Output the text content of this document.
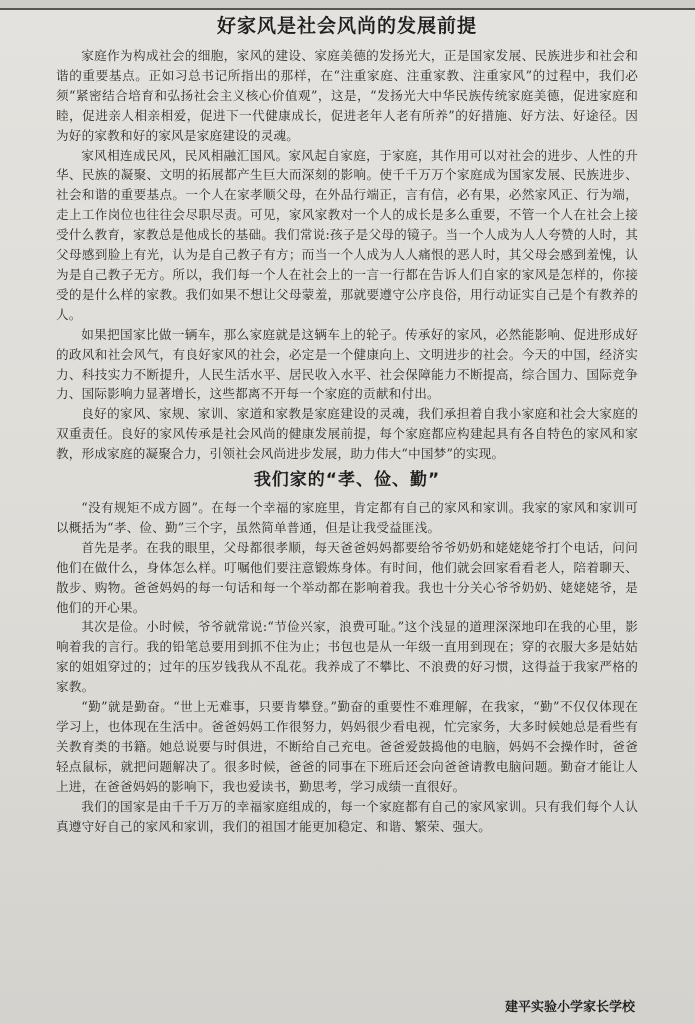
好家风是社会风尚的发展前提

家庭作为构成社会的细胞，家风的建设、家庭美德的发扬光大，正是国家发展、民族进步和社会和谐的重要基点。正如习总书记所指出的那样，在“注重家庭、注重家教、注重家风”的过程中，我们必须“紧密结合培育和弘扬社会主义核心价值观”，这是，“发扬光大中华民族传统家庭美德，促进家庭和睦，促进亲人相亲相爱，促进下一代健康成长，促进老年人老有所养”的好措施、好方法、好途径。因为好的家教和好的家风是家庭建设的灵魂。

家风相连成民风，民风相融汇国风。家风起自家庭，于家庭，其作用可以对社会的进步、人性的升华、民族的凝聚、文明的拓展都产生巨大而深刻的影响。使千千万万个家庭成为国家发展、民族进步、社会和谐的重要基点。一个人在家孝顺父母，在外品行端正，言有信，必有果，必然家风正、行为端，走上工作岗位也往往会尽职尽责。可见，家风家教对一个人的成长是多么重要，不管一个人在社会上接受什么教育，家教总是他成长的基础。我们常说:孩子是父母的镜子。当一个人成为人人夸赞的人时，其父母感到脸上有光，认为是自己教子有方；而当一个人成为人人痛恨的恶人时，其父母会感到羞愧，认为是自己教子无方。所以，我们每一个人在社会上的一言一行都在告诉人们自家的家风是怎样的，你接受的是什么样的家教。我们如果不想让父母蒙羞，那就要遵守公序良俗，用行动证实自己是个有教养的人。

如果把国家比做一辆车，那么家庭就是这辆车上的轮子。传承好的家风，必然能影响、促进形成好的政风和社会风气，有良好家风的社会，必定是一个健康向上、文明进步的社会。今天的中国，经济实力、科技实力不断提升，人民生活水平、居民收入水平、社会保障能力不断提高，综合国力、国际竞争力、国际影响力显著增长，这些都离不开每一个家庭的贡献和付出。

良好的家风、家规、家训、家道和家教是家庭建设的灵魂，我们承担着自我小家庭和社会大家庭的双重责任。良好的家风传承是社会风尚的健康发展前提，每个家庭都应构建起具有各自特色的家风和家教，形成家庭的凝聚合力，引领社会风尚进步发展，助力伟大“中国梦”的实现。

我们家的“孝、俭、勤”

“没有规矩不成方圆”。在每一个幸福的家庭里，肯定都有自己的家风和家训。我家的家风和家训可以概括为“孝、俭、勤”三个字，虽然简单普通，但是让我受益匪浅。

首先是孝。在我的眼里，父母都很孝顺，每天爸爸妈妈都要给爷爷奶奶和姥姥姥爷打个电话，问问他们在做什么，身体怎么样。叮嘱他们要注意锻炼身体。有时间，他们就会回家看看老人，陪着聊天、散步、购物。爸爸妈妈的每一句话和每一个举动都在影响着我。我也十分关心爷爷奶奶、姥姥姥爷，是他们的开心果。

其次是俭。小时候，爷爷就常说:“节俭兴家，浪费可耻。”这个浅显的道理深深地印在我的心里，影响着我的言行。我的铅笔总要用到抓不住为止；书包也是从一年级一直用到现在；穿的衣服大多是姑姑家的姐姐穿过的；过年的压岁钱我从不乱花。我养成了不攀比、不浪费的好习惯，这得益于我家严格的家教。

“勤”就是勤奋。“世上无难事，只要肯攀登。”勤奋的重要性不难理解，在我家，“勤”不仅仅体现在学习上，也体现在生活中。爸爸妈妈工作很努力，妈妈很少看电视，忙完家务，大多时候她总是看些有关教育类的书籍。她总说要与时俱进，不断给自己充电。爸爸爱鼓捣他的电脑，妈妈不会操作时，爸爸轻点鼠标，就把问题解决了。很多时候，爸爸的同事在下班后还会向爸爸请教电脑问题。勤奋才能让人上进，在爸爸妈妈的影响下，我也爱读书，勤思考，学习成绩一直很好。

我们的国家是由千千万万的幸福家庭组成的，每一个家庭都有自己的家风家训。只有我们每个人认真遵守好自己的家风和家训，我们的祖国才能更加稳定、和谐、繁荣、强大。

建平实验小学家长学校
